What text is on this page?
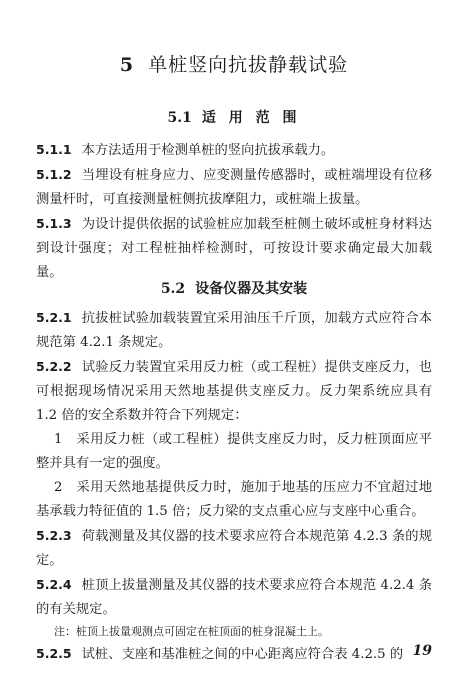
5 单桩竖向抗拔静载试验
5.1 适 用 范 围

5.1.1 本方法适用于检测单桩的竖向抗拔承载力。

5.1.2 当埋设有桩身应力、应变测量传感器时，或桩端埋设有位移测量杆时，可直接测量桩侧抗拔摩阻力，或桩端上拔量。

5.1.3 为设计提供依据的试验桩应加载至桩侧土破坏或桩身材料达到设计强度；对工程桩抽样检测时，可按设计要求确定最大加载量。

5.2 设备仪器及其安装

5.2.1 抗拔桩试验加载装置宜采用油压千斤顶，加载方式应符合本规范第 4.2.1 条规定。

5.2.2 试验反力装置宜采用反力桩（或工程桩）提供支座反力，也可根据现场情况采用天然地基提供支座反力。反力架系统应具有 1.2 倍的安全系数并符合下列规定：

1　采用反力桩（或工程桩）提供支座反力时，反力桩顶面应平整并具有一定的强度。

2　采用天然地基提供反力时，施加于地基的压应力不宜超过地基承载力特征值的 1.5 倍；反力梁的支点重心应与支座中心重合。

5.2.3 荷载测量及其仪器的技术要求应符合本规范第 4.2.3 条的规定。

5.2.4 桩顶上拔量测量及其仪器的技术要求应符合本规范 4.2.4 条的有关规定。

注：桩顶上拔量观测点可固定在桩顶面的桩身混凝土上。

5.2.5 试桩、支座和基准桩之间的中心距离应符合表 4.2.5 的 19
